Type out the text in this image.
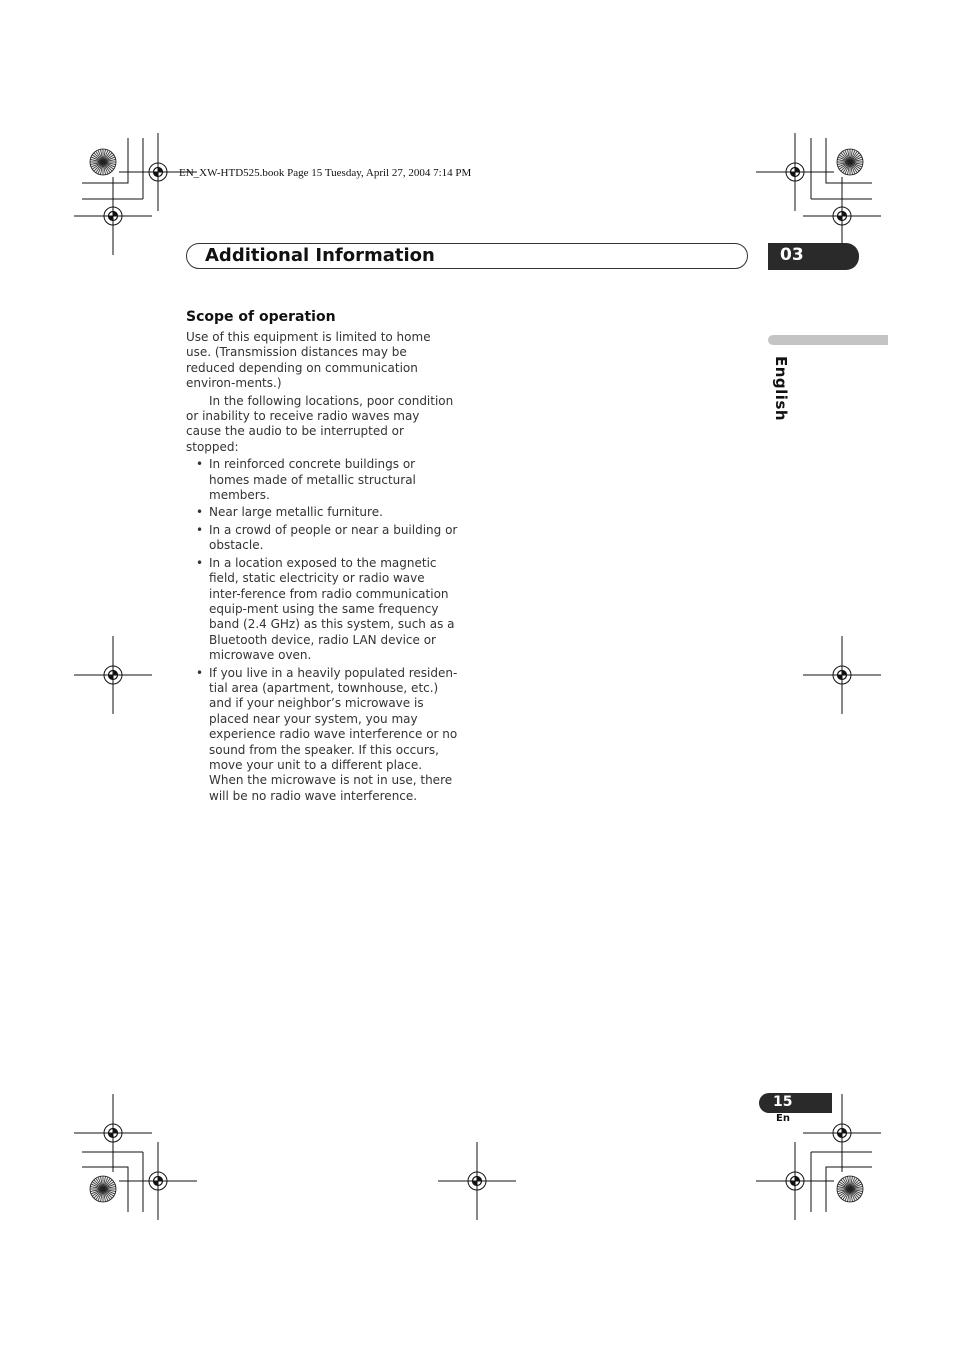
EN_XW-HTD525.book Page 15 Tuesday, April 27, 2004 7:14 PM
Additional Information	03
English
Scope of operation

Use of this equipment is limited to home use. (Transmission distances may be reduced depending on communication environ-ments.)

In the following locations, poor condition or inability to receive radio waves may cause the audio to be interrupted or stopped:

• In reinforced concrete buildings or homes made of metallic structural members.
• Near large metallic furniture.
• In a crowd of people or near a building or obstacle.
• In a location exposed to the magnetic field, static electricity or radio wave inter-ference from radio communication equip-ment using the same frequency band (2.4 GHz) as this system, such as a Bluetooth device, radio LAN device or microwave oven.
• If you live in a heavily populated residen-tial area (apartment, townhouse, etc.) and if your neighbor’s microwave is placed near your system, you may experience radio wave interference or no sound from the speaker. If this occurs, move your unit to a different place. When the microwave is not in use, there will be no radio wave interference.
15
En
